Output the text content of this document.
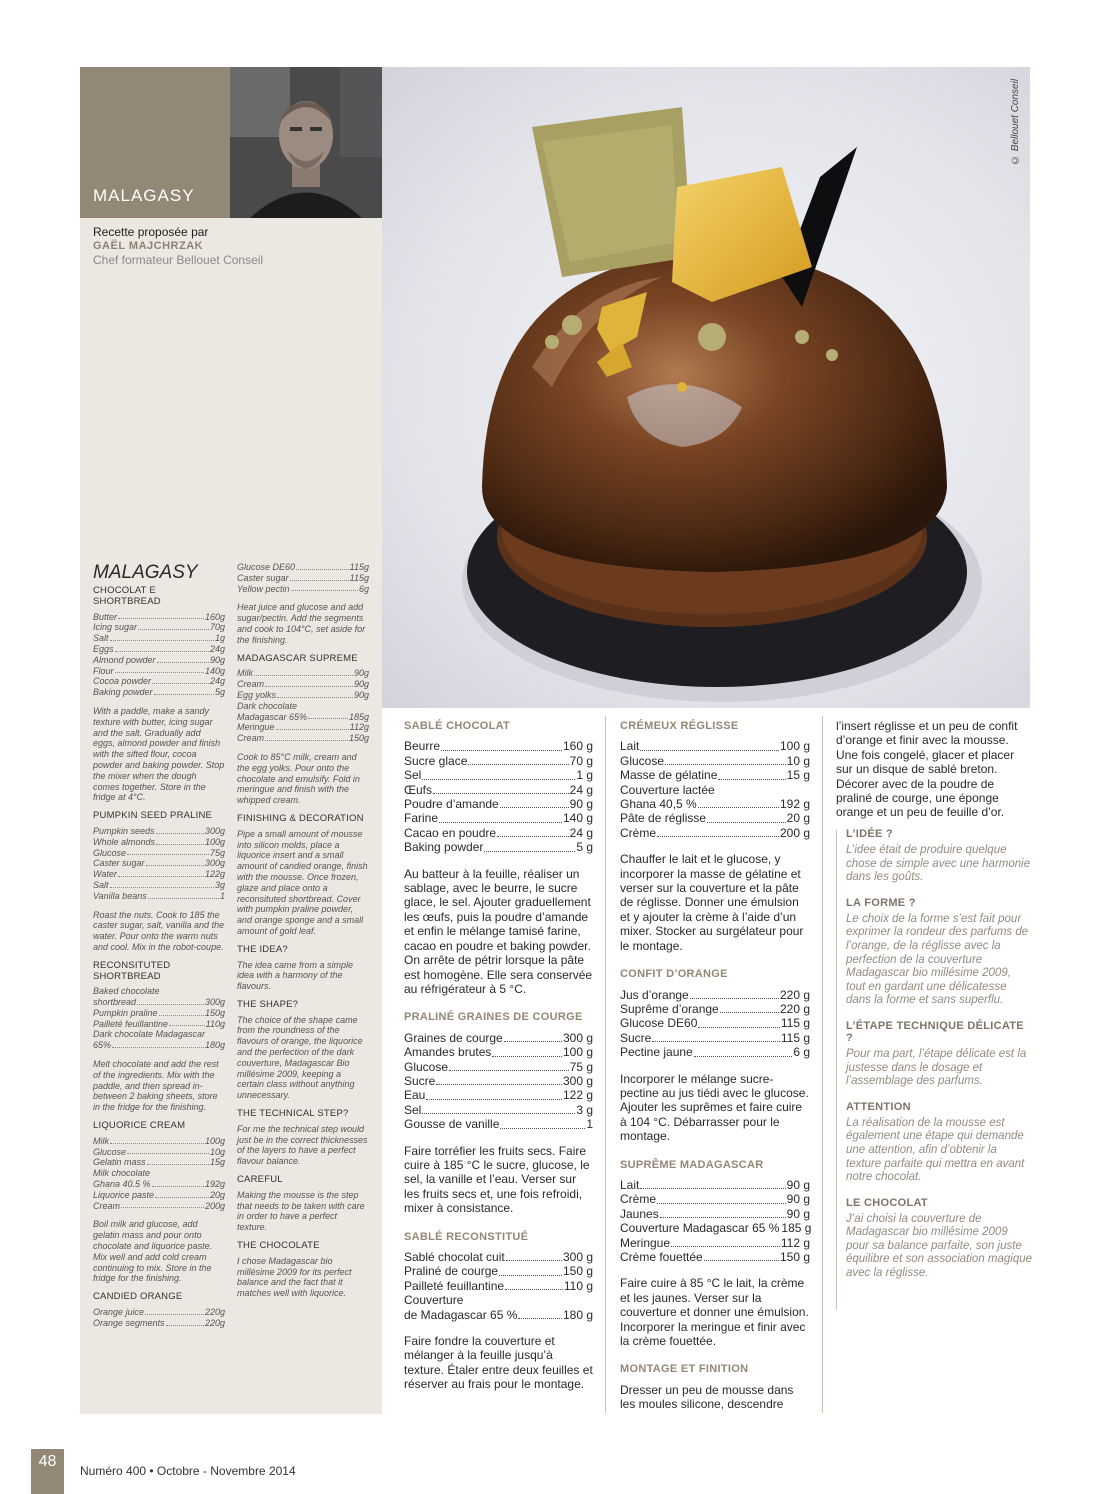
MALAGASY
Recette proposée par
GAËL MAJCHRZAK
Chef formateur Bellouet Conseil
© Bellouet Conseil
MALAGASY
CHOCOLAT E SHORTBREAD
Butter	160g
Icing sugar	70g
Salt	1g
Eggs	24g
Almond powder	90g
Flour	140g
Cocoa powder	24g
Baking powder	5g
With a paddle, make a sandy texture with butter, icing sugar and the salt. Gradually add eggs, almond powder and finish with the sifted flour, cocoa powder and baking powder. Stop the mixer when the dough comes together. Store in the fridge at 4°C.
PUMPKIN SEED PRALINE
Pumpkin seeds	300g
Whole almonds	100g
Glucose	75g
Caster sugar	300g
Water	122g
Salt	3g
Vanilla beans	1
Roast the nuts. Cook to 185 the caster sugar, salt, vanilla and the water. Pour onto the warm nuts and cool. Mix in the robot-coupe.
RECONSITUTED SHORTBREAD
Baked chocolate
shortbread	300g
Pumpkin praline	150g
Pailleté feuillantine	110g
Dark chocolate Madagascar
65%	180g
Melt chocolate and add the rest of the ingredients. Mix with the paddle, and then spread in-between 2 baking sheets, store in the fridge for the finishing.
LIQUORICE CREAM
Milk	100g
Glucose	10g
Gelatin mass	15g
Milk chocolate
Ghana 40.5 %	192g
Liquorice paste	20g
Cream	200g
Boil milk and glucose, add gelatin mass and pour onto chocolate and liquorice paste. Mix well and add cold cream continuing to mix. Store in the fridge for the finishing.
CANDIED ORANGE
Orange juice	220g
Orange segments	220g
Glucose DE60	115g
Caster sugar	115g
Yellow pectin	6g
Heat juice and glucose and add sugar/pectin. Add the segments and cook to 104°C, set aside for the finishing.
MADAGASCAR SUPREME
Milk	90g
Cream	90g
Egg yolks	90g
Dark chocolate
Madagascar 65%	185g
Meringue	112g
Cream	150g
Cook to 85°C milk, cream and the egg yolks. Pour onto the chocolate and emulsify. Fold in meringue and finish with the whipped cream.
FINISHING & DECORATION
Pipe a small amount of mousse into silicon molds, place a liquorice insert and a small amount of candied orange, finish with the mousse. Once frozen, glaze and place onto a reconsituted shortbread. Cover with pumpkin praline powder, and orange sponge and a small amount of gold leaf.
THE IDEA?
The idea came from a simple idea with a harmony of the flavours.
THE SHAPE?
The choice of the shape came from the roundness of the flavours of orange, the liquorice and the perfection of the dark couverture, Madagascar Bio millésime 2009, keeping a certain class without anything unnecessary.
THE TECHNICAL STEP?
For me the technical step would just be in the correct thicknesses of the layers to have a perfect flavour balance.
CAREFUL
Making the mousse is the step that needs to be taken with care in order to have a perfect texture.
THE CHOCOLATE
I chose Madagascar bio millésime 2009 for its perfect balance and the fact that it matches well with liquorice.
SABLÉ CHOCOLAT
Beurre	160 g
Sucre glace	70 g
Sel	1 g
Œufs	24 g
Poudre d’amande	90 g
Farine	140 g
Cacao en poudre	24 g
Baking powder	5 g
Au batteur à la feuille, réaliser un sablage, avec le beurre, le sucre glace, le sel. Ajouter graduellement les œufs, puis la poudre d’amande et enfin le mélange tamisé farine, cacao en poudre et baking powder. On arrête de pétrir lorsque la pâte est homogène. Elle sera conservée au réfrigérateur à 5 °C.
PRALINÉ GRAINES DE COURGE
Graines de courge	300 g
Amandes brutes	100 g
Glucose	75 g
Sucre	300 g
Eau	122 g
Sel	3 g
Gousse de vanille	1
Faire torréfier les fruits secs. Faire cuire à 185 °C le sucre, glucose, le sel, la vanille et l’eau. Verser sur les fruits secs et, une fois refroidi, mixer à consistance.
SABLÉ RECONSTITUÉ
Sablé chocolat cuit	300 g
Praliné de courge	150 g
Pailleté feuillantine	110 g
Couverture
de Madagascar 65 %	180 g
Faire fondre la couverture et mélanger à la feuille jusqu’à texture. Étaler entre deux feuilles et réserver au frais pour le montage.
CRÉMEUX RÉGLISSE
Lait	100 g
Glucose	10 g
Masse de gélatine	15 g
Couverture lactée
Ghana 40,5 %	192 g
Pâte de réglisse	20 g
Crème	200 g
Chauffer le lait et le glucose, y incorporer la masse de gélatine et verser sur la couverture et la pâte de réglisse. Donner une émulsion et y ajouter la crème à l’aide d’un mixer. Stocker au surgélateur pour le montage.
CONFIT D’ORANGE
Jus d’orange	220 g
Suprême d’orange	220 g
Glucose DE60	115 g
Sucre	115 g
Pectine jaune	6 g
Incorporer le mélange sucre-pectine au jus tiédi avec le glucose. Ajouter les suprêmes et faire cuire à 104 °C. Débarrasser pour le montage.
SUPRÊME MADAGASCAR
Lait	90 g
Crème	90 g
Jaunes	90 g
Couverture Madagascar 65 % 185 g
Meringue	112 g
Crème fouettée	150 g
Faire cuire à 85 °C le lait, la crème et les jaunes. Verser sur la couverture et donner une émulsion. Incorporer la meringue et finir avec la crème fouettée.
MONTAGE ET FINITION
Dresser un peu de mousse dans les moules silicone, descendre
l’insert réglisse et un peu de confit d’orange et finir avec la mousse. Une fois congelé, glacer et placer sur un disque de sablé breton. Décorer avec de la poudre de praliné de courge, une éponge orange et un peu de feuille d’or.
L’IDÉE ?
L’idee était de produire quelque chose de simple avec une harmonie dans les goûts.
LA FORME ?
Le choix de la forme s’est fait pour exprimer la rondeur des parfums de l’orange, de la réglisse avec la perfection de la couverture Madagascar bio millésime 2009, tout en gardant une délicatesse dans la forme et sans superflu.
L’ÉTAPE TECHNIQUE DÉLICATE ?
Pour ma part, l’étape délicate est la justesse dans le dosage et l’assemblage des parfums.
ATTENTION
La réalisation de la mousse est également une étape qui demande une attention, afin d’obtenir la texture parfaite qui mettra en avant notre chocolat.
LE CHOCOLAT
J’ai choisi la couverture de Madagascar bio millésime 2009 pour sa balance parfaite, son juste équilibre et son association magique avec la réglisse.
48
Numéro 400 • Octobre - Novembre 2014
